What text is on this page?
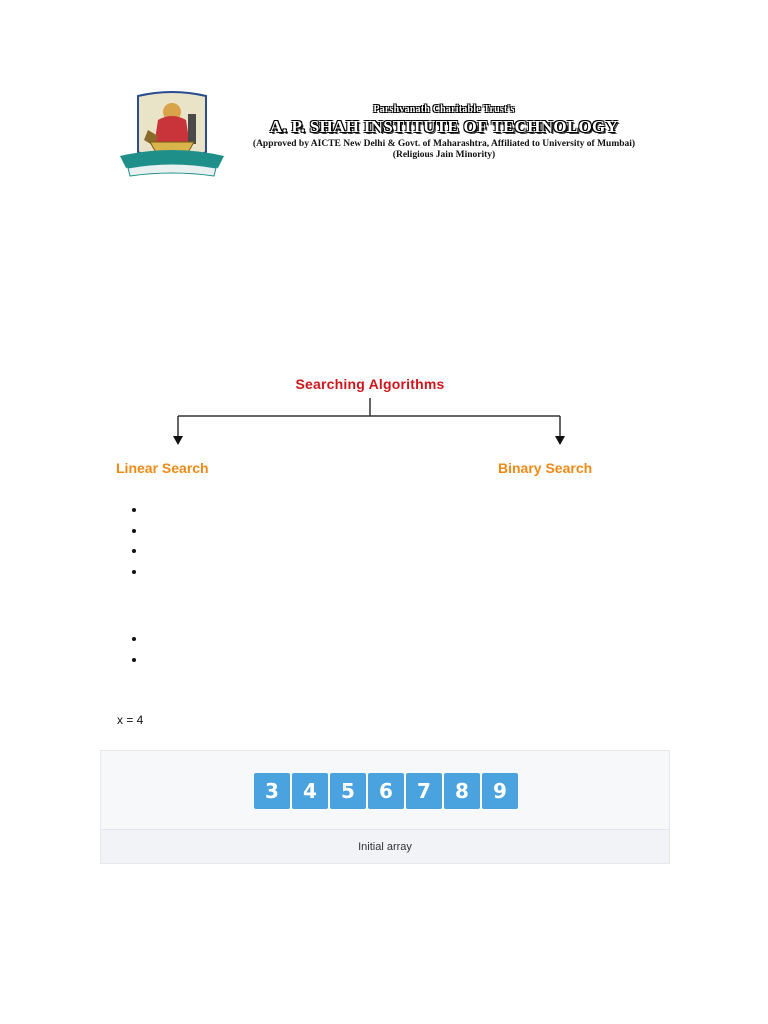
Parshvanath Charitable Trust's
A. P. SHAH INSTITUTE OF TECHNOLOGY
(Approved by AICTE New Delhi & Govt. of Maharashtra, Affiliated to University of Mumbai)
(Religious Jain Minority)
Searching Algorithms
Linear Search	Binary Search
x = 4
3	4	5	6	7	8	9
Initial array
